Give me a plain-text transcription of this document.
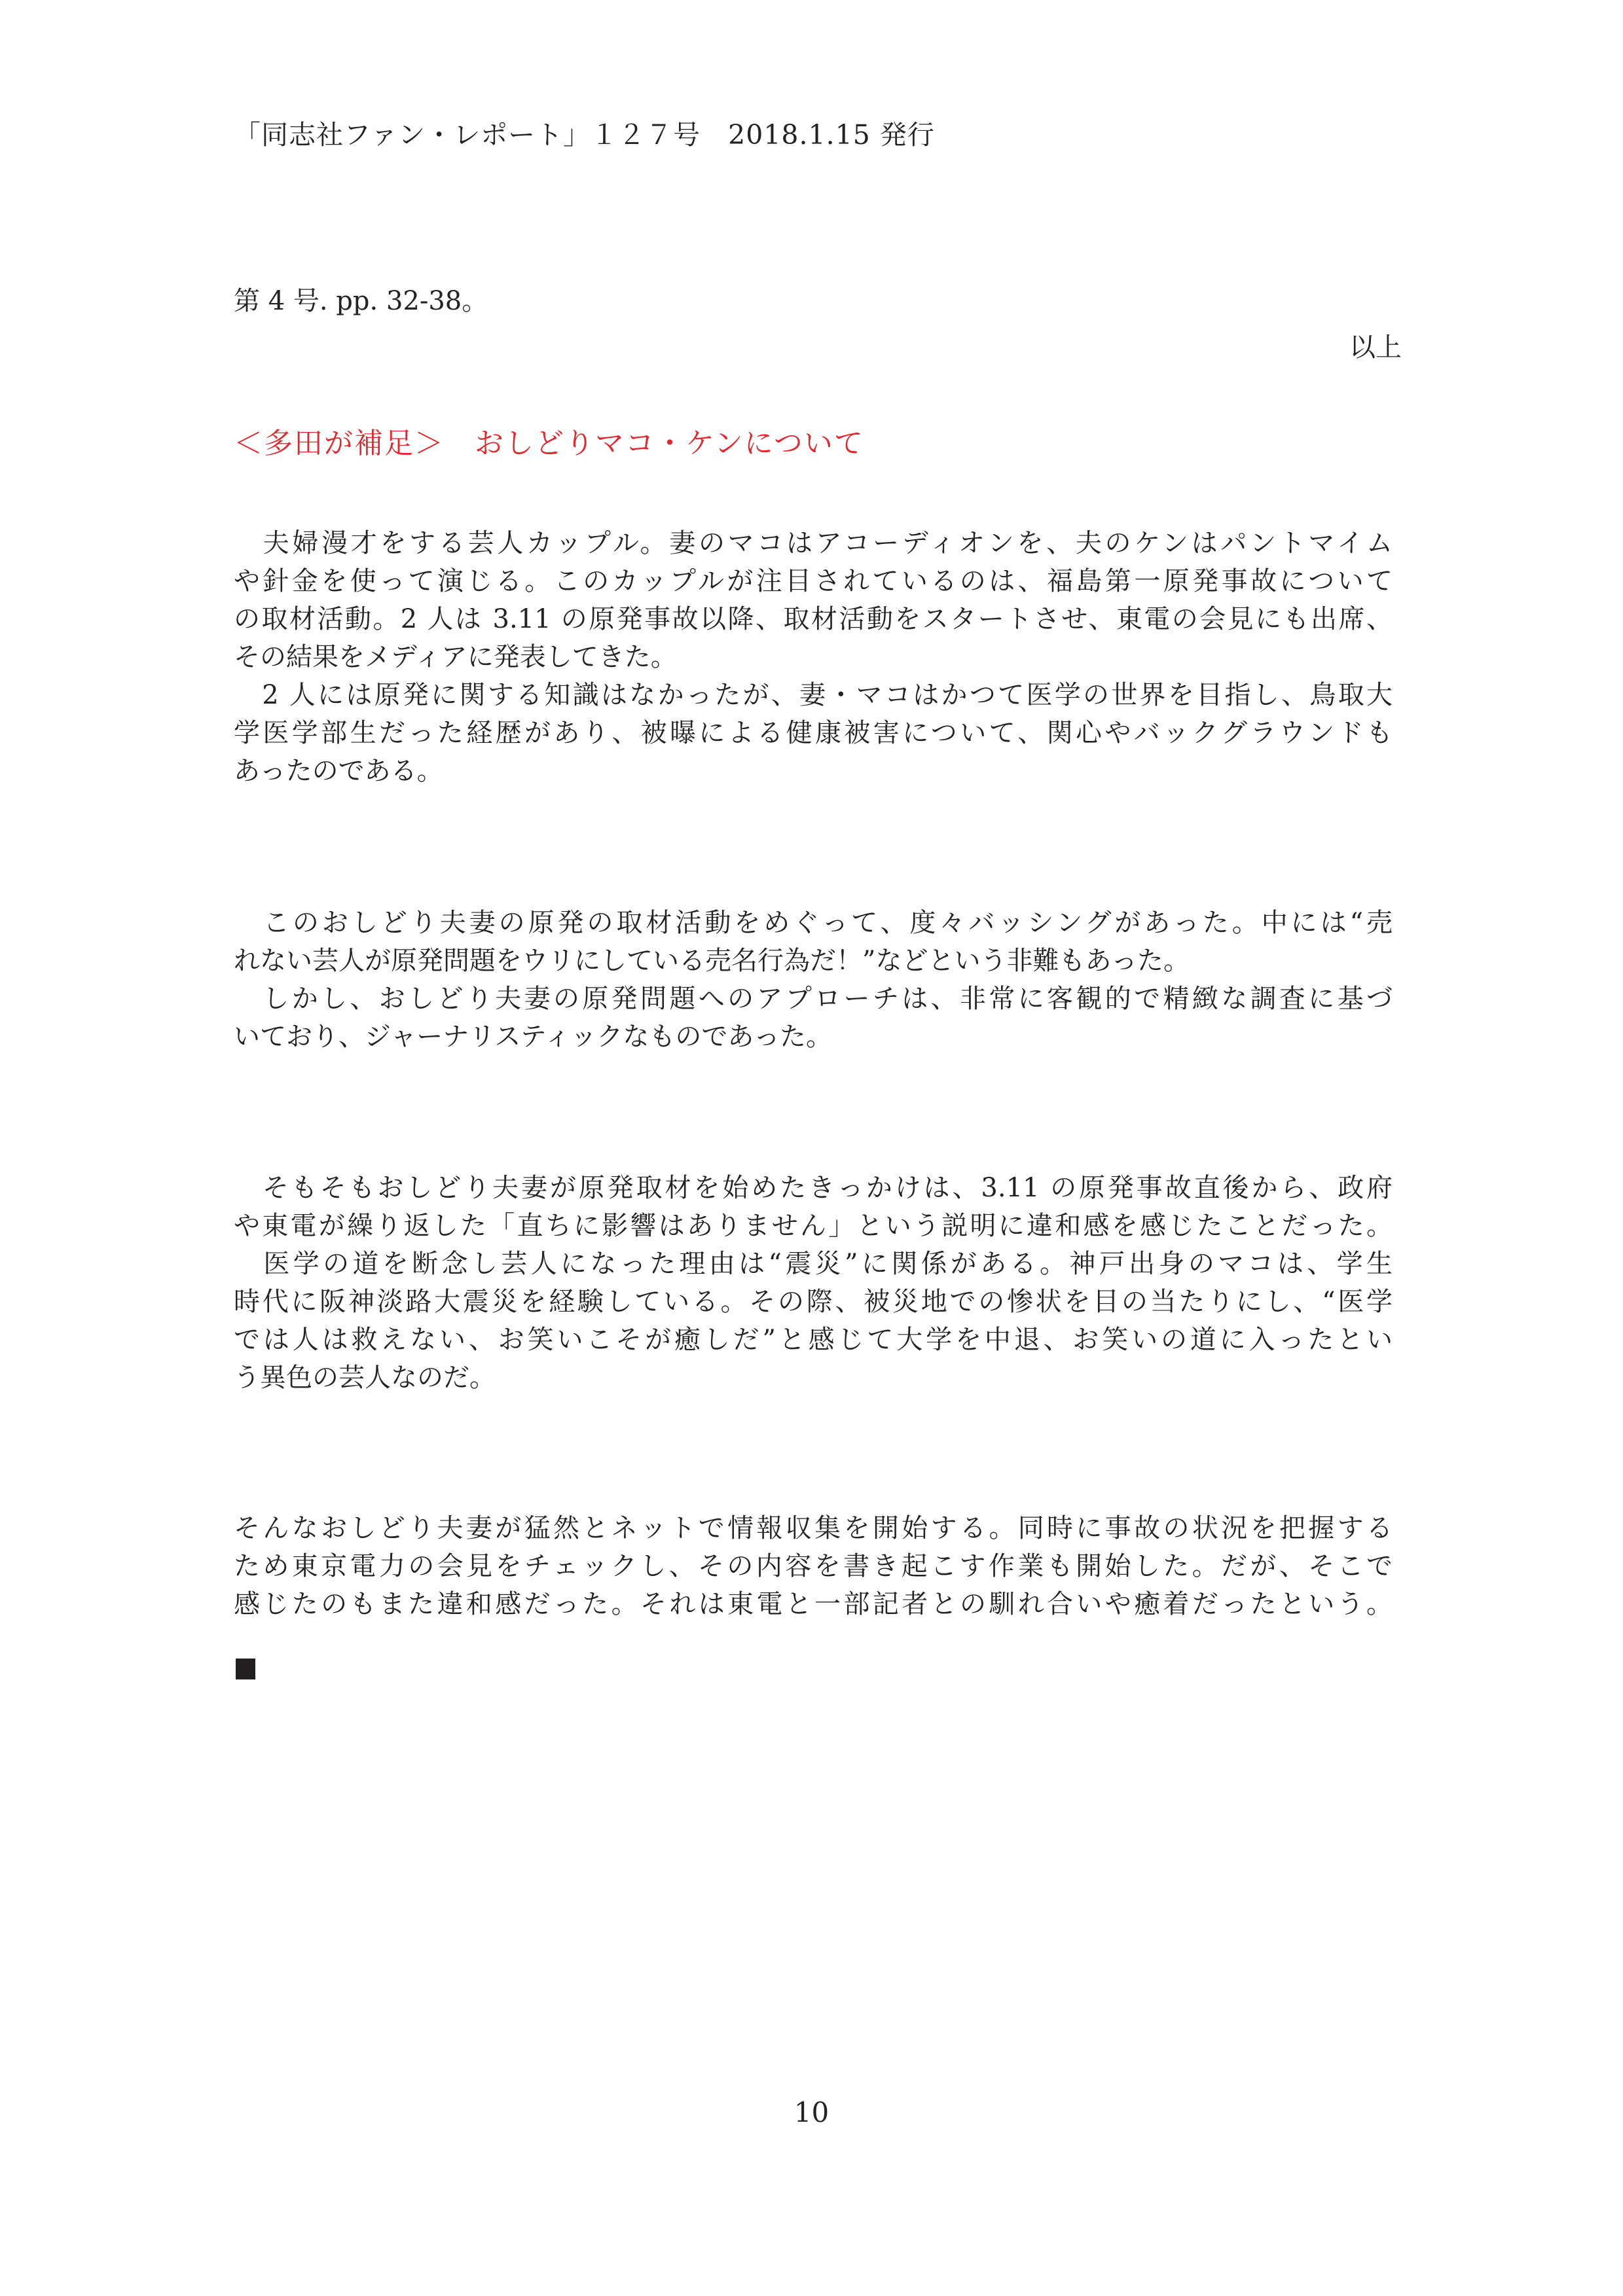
「同志社ファン・レポート」１２７号　2018.1.15 発行
第 4 号. pp. 32-38。
以上
＜多田が補足＞　おしどりマコ・ケンについて
　夫婦漫才をする芸人カップル。妻のマコはアコーディオンを、夫のケンはパントマイム
や針金を使って演じる。このカップルが注目されているのは、福島第一原発事故について
の取材活動。2 人は 3.11 の原発事故以降、取材活動をスタートさせ、東電の会見にも出席、
その結果をメディアに発表してきた。
　2 人には原発に関する知識はなかったが、妻・マコはかつて医学の世界を目指し、鳥取大
学医学部生だった経歴があり、被曝による健康被害について、関心やバックグラウンドも
あったのである。
　このおしどり夫妻の原発の取材活動をめぐって、度々バッシングがあった。中には“売
れない芸人が原発問題をウリにしている売名行為だ！”などという非難もあった。
　しかし、おしどり夫妻の原発問題へのアプローチは、非常に客観的で精緻な調査に基づ
いており、ジャーナリスティックなものであった。
　そもそもおしどり夫妻が原発取材を始めたきっかけは、3.11 の原発事故直後から、政府
や東電が繰り返した「直ちに影響はありません」という説明に違和感を感じたことだった。
　医学の道を断念し芸人になった理由は“震災”に関係がある。神戸出身のマコは、学生
時代に阪神淡路大震災を経験している。その際、被災地での惨状を目の当たりにし、“医学
では人は救えない、お笑いこそが癒しだ”と感じて大学を中退、お笑いの道に入ったとい
う異色の芸人なのだ。
そんなおしどり夫妻が猛然とネットで情報収集を開始する。同時に事故の状況を把握する
ため東京電力の会見をチェックし、その内容を書き起こす作業も開始した。だが、そこで
感じたのもまた違和感だった。それは東電と一部記者との馴れ合いや癒着だったという。
10
